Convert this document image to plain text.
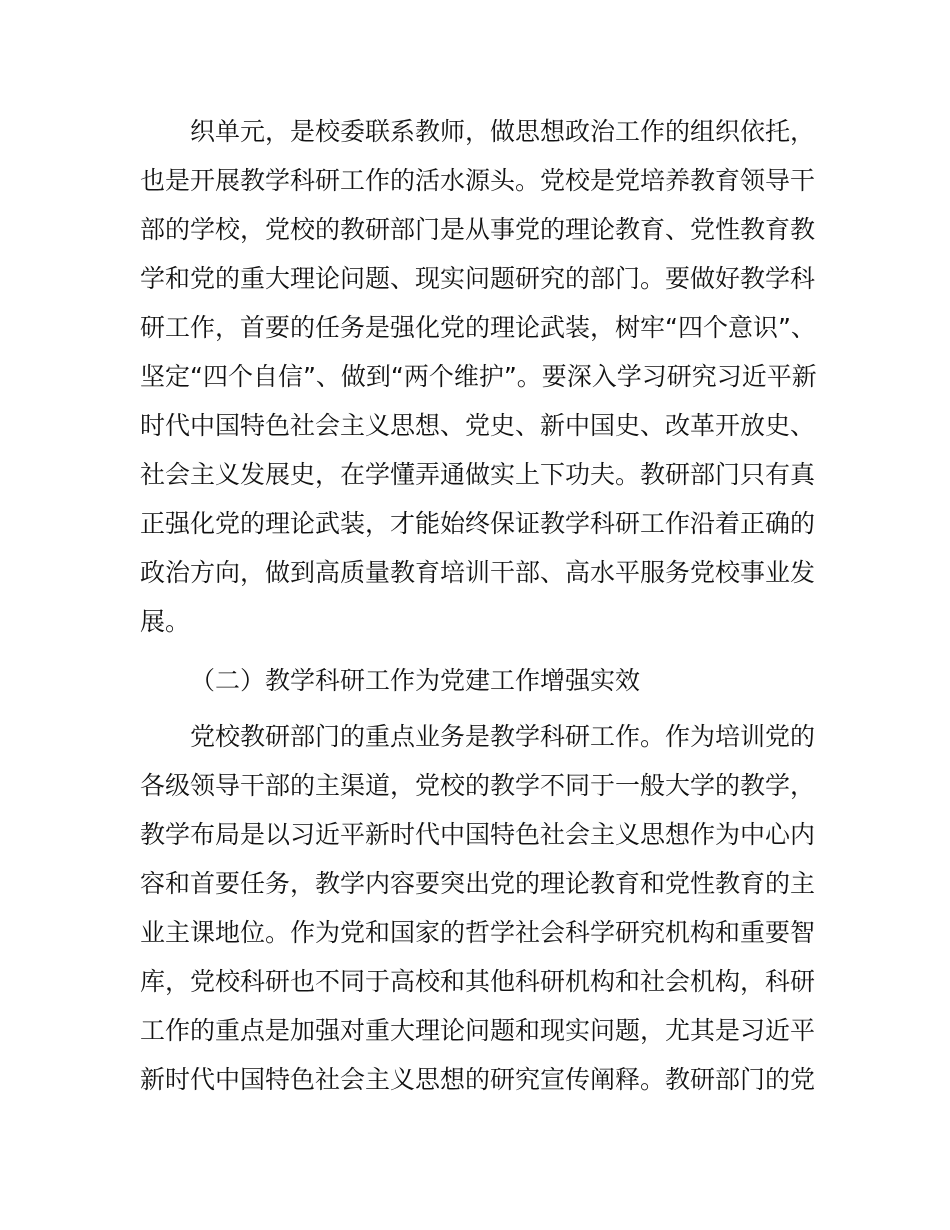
织单元，是校委联系教师，做思想政治工作的组织依托，
也是开展教学科研工作的活水源头。党校是党培养教育领导干
部的学校，党校的教研部门是从事党的理论教育、党性教育教
学和党的重大理论问题、现实问题研究的部门。要做好教学科
研工作，首要的任务是强化党的理论武装，树牢“四个意识”、
坚定“四个自信”、做到“两个维护”。要深入学习研究习近平新
时代中国特色社会主义思想、党史、新中国史、改革开放史、
社会主义发展史，在学懂弄通做实上下功夫。教研部门只有真
正强化党的理论武装，才能始终保证教学科研工作沿着正确的
政治方向，做到高质量教育培训干部、高水平服务党校事业发
展。
（二）教学科研工作为党建工作增强实效
党校教研部门的重点业务是教学科研工作。作为培训党的
各级领导干部的主渠道，党校的教学不同于一般大学的教学，
教学布局是以习近平新时代中国特色社会主义思想作为中心内
容和首要任务，教学内容要突出党的理论教育和党性教育的主
业主课地位。作为党和国家的哲学社会科学研究机构和重要智
库，党校科研也不同于高校和其他科研机构和社会机构，科研
工作的重点是加强对重大理论问题和现实问题，尤其是习近平
新时代中国特色社会主义思想的研究宣传阐释。教研部门的党
